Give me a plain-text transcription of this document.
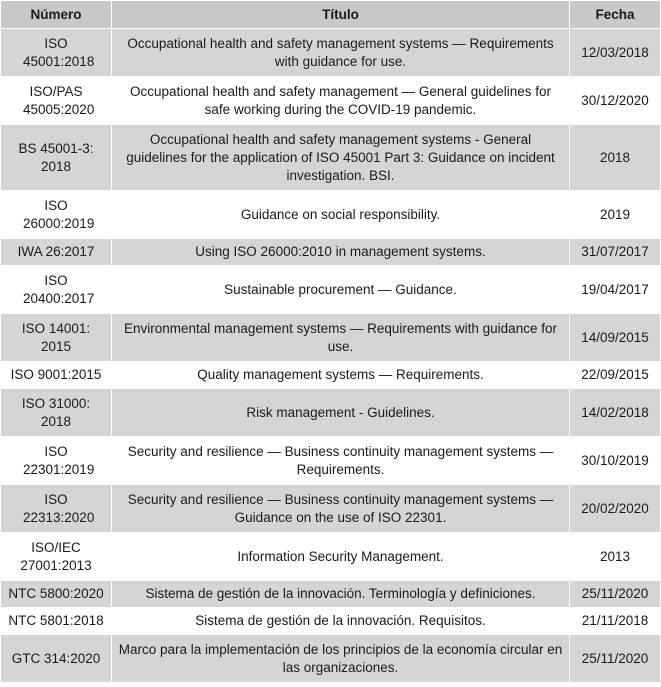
Número	Título	Fecha
ISO 45001:2018	Occupational health and safety management systems — Requirements with guidance for use.	12/03/2018
ISO/PAS 45005:2020	Occupational health and safety management — General guidelines for safe working during the COVID-19 pandemic.	30/12/2020
BS 45001-3: 2018	Occupational health and safety management systems - General guidelines for the application of ISO 45001 Part 3: Guidance on incident investigation. BSI.	2018
ISO 26000:2019	Guidance on social responsibility.	2019
IWA 26:2017	Using ISO 26000:2010 in management systems.	31/07/2017
ISO 20400:2017	Sustainable procurement — Guidance.	19/04/2017
ISO 14001: 2015	Environmental management systems — Requirements with guidance for use.	14/09/2015
ISO 9001:2015	Quality management systems — Requirements.	22/09/2015
ISO 31000: 2018	Risk management - Guidelines.	14/02/2018
ISO 22301:2019	Security and resilience — Business continuity management systems — Requirements.	30/10/2019
ISO 22313:2020	Security and resilience — Business continuity management systems — Guidance on the use of ISO 22301.	20/02/2020
ISO/IEC 27001:2013	Information Security Management.	2013
NTC 5800:2020	Sistema de gestión de la innovación. Terminología y definiciones.	25/11/2020
NTC 5801:2018	Sistema de gestión de la innovación. Requisitos.	21/11/2018
GTC 314:2020	Marco para la implementación de los principios de la economía circular en las organizaciones.	25/11/2020
